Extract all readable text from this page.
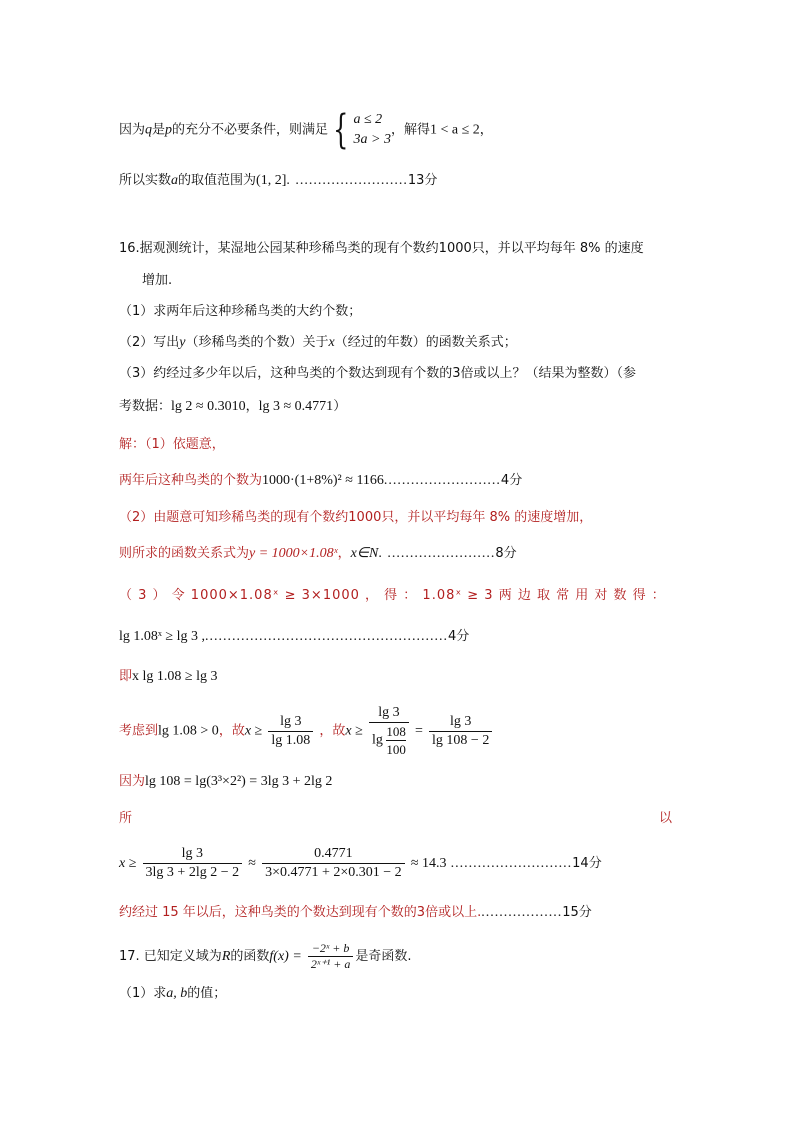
因为q是p的充分不必要条件，则满足 { a ≤ 2
3a > 3
，解得1 < a ≤ 2，
所以实数a的取值范围为(1, 2]. .........................13分
16.据观测统计，某湿地公园某种珍稀鸟类的现有个数约1000只，并以平均每年 8% 的速度
增加.
（1）求两年后这种珍稀鸟类的大约个数；
（2）写出y（珍稀鸟类的个数）关于x（经过的年数）的函数关系式；
（3）约经过多少年以后，这种鸟类的个数达到现有个数的3倍或以上？（结果为整数）（参
考数据：lg 2 ≈ 0.3010，lg 3 ≈ 0.4771）
解：（1）依题意，
两年后这种鸟类的个数为1000·(1+8%)² ≈ 1166..........................4分
（2）由题意可知珍稀鸟类的现有个数约1000只，并以平均每年 8% 的速度增加，
则所求的函数关系式为y = 1000×1.08ˣ，x∈N. ........................8分
（ 3 ） 令 1000×1.08ˣ ≥ 3×1000 ， 得 ： 1.08ˣ ≥ 3 两 边 取 常 用 对 数 得 ：
lg 1.08ˣ ≥ lg 3 ,......................................................4分
即x lg 1.08 ≥ lg 3
考虑到lg 1.08 > 0，故$x \ge \frac{\lg 3}{\lg 1.08}$ ，故$x \ge \frac{\lg 3}{\lg \frac{108}{100}} = \frac{\lg 3}{\lg 108 - 2}$
因为lg 108 = lg(3³×2²) = 3lg 3 + 2lg 2
所	以
$x \ge \frac{\lg 3}{3\lg 3 + 2\lg 2 - 2} \approx \frac{0.4771}{3\times 0.4771 + 2\times 0.301 - 2} \approx 14.3$ ...........................14分
约经过 15 年以后，这种鸟类的个数达到现有个数的3倍或以上...................15分
17. 已知定义域为R的函数$f(x) = \frac{\text{−2ˣ + b}}{\text{2ˣ⁺¹ + a}}$ 是奇函数.
（1）求a, b的值；
